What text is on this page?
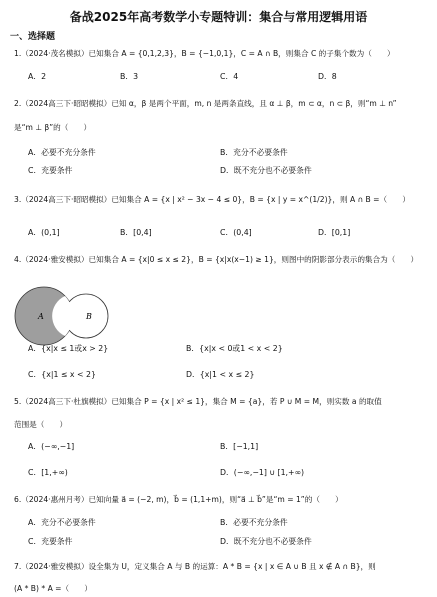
备战2025年高考数学小专题特训：集合与常用逻辑用语
一、选择题
1.（2024·茂名模拟）已知集合 A = {0,1,2,3}，B = {−1,0,1}，C = A ∩ B，则集合 C 的子集个数为（　　）
A．2	B．3	C．4	D．8
2.（2024高三下·昭昭模拟）已知 α，β 是两个平面，m, n 是两条直线，且 α ⊥ β，m ⊂ α，n ⊂ β，则“m ⊥ n”
是“m ⊥ β”的（　　）
A．必要不充分条件	B．充分不必要条件
C．充要条件	D．既不充分也不必要条件
3.（2024高三下·昭昭模拟）已知集合 A = {x | x² − 3x − 4 ≤ 0}，B = {x | y = x^(1/2)}，则 A ∩ B =（　　）
A．(0,1]	B．[0,4]	C．(0,4]	D．[0,1]
4.（2024·雅安模拟）已知集合 A = {x|0 ≤ x ≤ 2}，B = {x|x(x−1) ≥ 1}，则图中的阴影部分表示的集合为（　　）
A	B
A．{x|x ≤ 1或x > 2}	B．{x|x < 0或1 < x < 2}
C．{x|1 ≤ x < 2}	D．{x|1 < x ≤ 2}
5.（2024高三下·杜旗模拟）已知集合 P = {x | x² ≤ 1}，集合 M = {a}，若 P ∪ M = M，则实数 a 的取值
范围是（　　）
A．(−∞,−1]	B．[−1,1]
C．[1,+∞)	D．(−∞,−1] ∪ [1,+∞)
6.（2024·惠州月考）已知向量 a⃗ = (−2, m)，b⃗ = (1,1+m)，则“a⃗ ⊥ b⃗”是“m = 1”的（　　）
A．充分不必要条件	B．必要不充分条件
C．充要条件	D．既不充分也不必要条件
7.（2024·雅安模拟）设全集为 U，定义集合 A 与 B 的运算：A * B = {x | x ∈ A ∪ B 且 x ∉ A ∩ B}，则
(A * B) * A =（　　）
